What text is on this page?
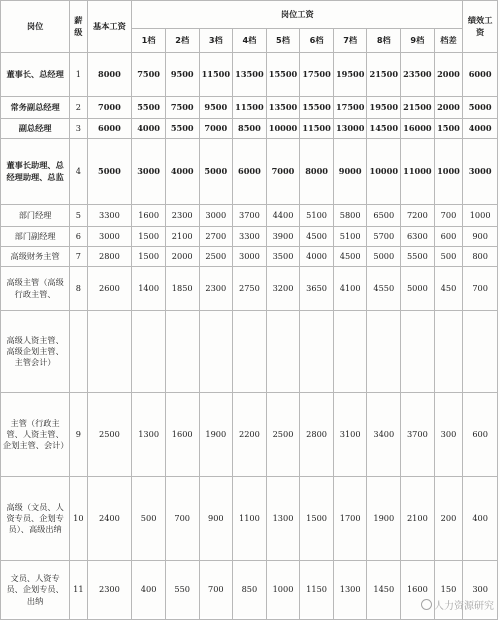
岗位	薪级	基本工资	岗位工资										绩效工资
			1档	2档	3档	4档	5档	6档	7档	8档	9档	档差	
董事长、总经理	1	8000	7500	9500	11500	13500	15500	17500	19500	21500	23500	2000	6000
常务副总经理	2	7000	5500	7500	9500	11500	13500	15500	17500	19500	21500	2000	5000
副总经理	3	6000	4000	5500	7000	8500	10000	11500	13000	14500	16000	1500	4000
董事长助理、总经理助理、总监	4	5000	3000	4000	5000	6000	7000	8000	9000	10000	11000	1000	3000
部门经理	5	3300	1600	2300	3000	3700	4400	5100	5800	6500	7200	700	1000
部门副经理	6	3000	1500	2100	2700	3300	3900	4500	5100	5700	6300	600	900
高级财务主管	7	2800	1500	2000	2500	3000	3500	4000	4500	5000	5500	500	800
高级主管（高级行政主管、	8	2600	1400	1850	2300	2750	3200	3650	4100	4550	5000	450	700
高级人资主管、高级企划主管、主管会计）													
主管（行政主管、人资主管、企划主管、会计）	9	2500	1300	1600	1900	2200	2500	2800	3100	3400	3700	300	600
高级（文员、人资专员、企划专员）、高级出纳	10	2400	500	700	900	1100	1300	1500	1700	1900	2100	200	400
文员、人资专员、企划专员、出纳	11	2300	400	550	700	850	1000	1150	1300	1450	1600	150	300
人力资源研究
